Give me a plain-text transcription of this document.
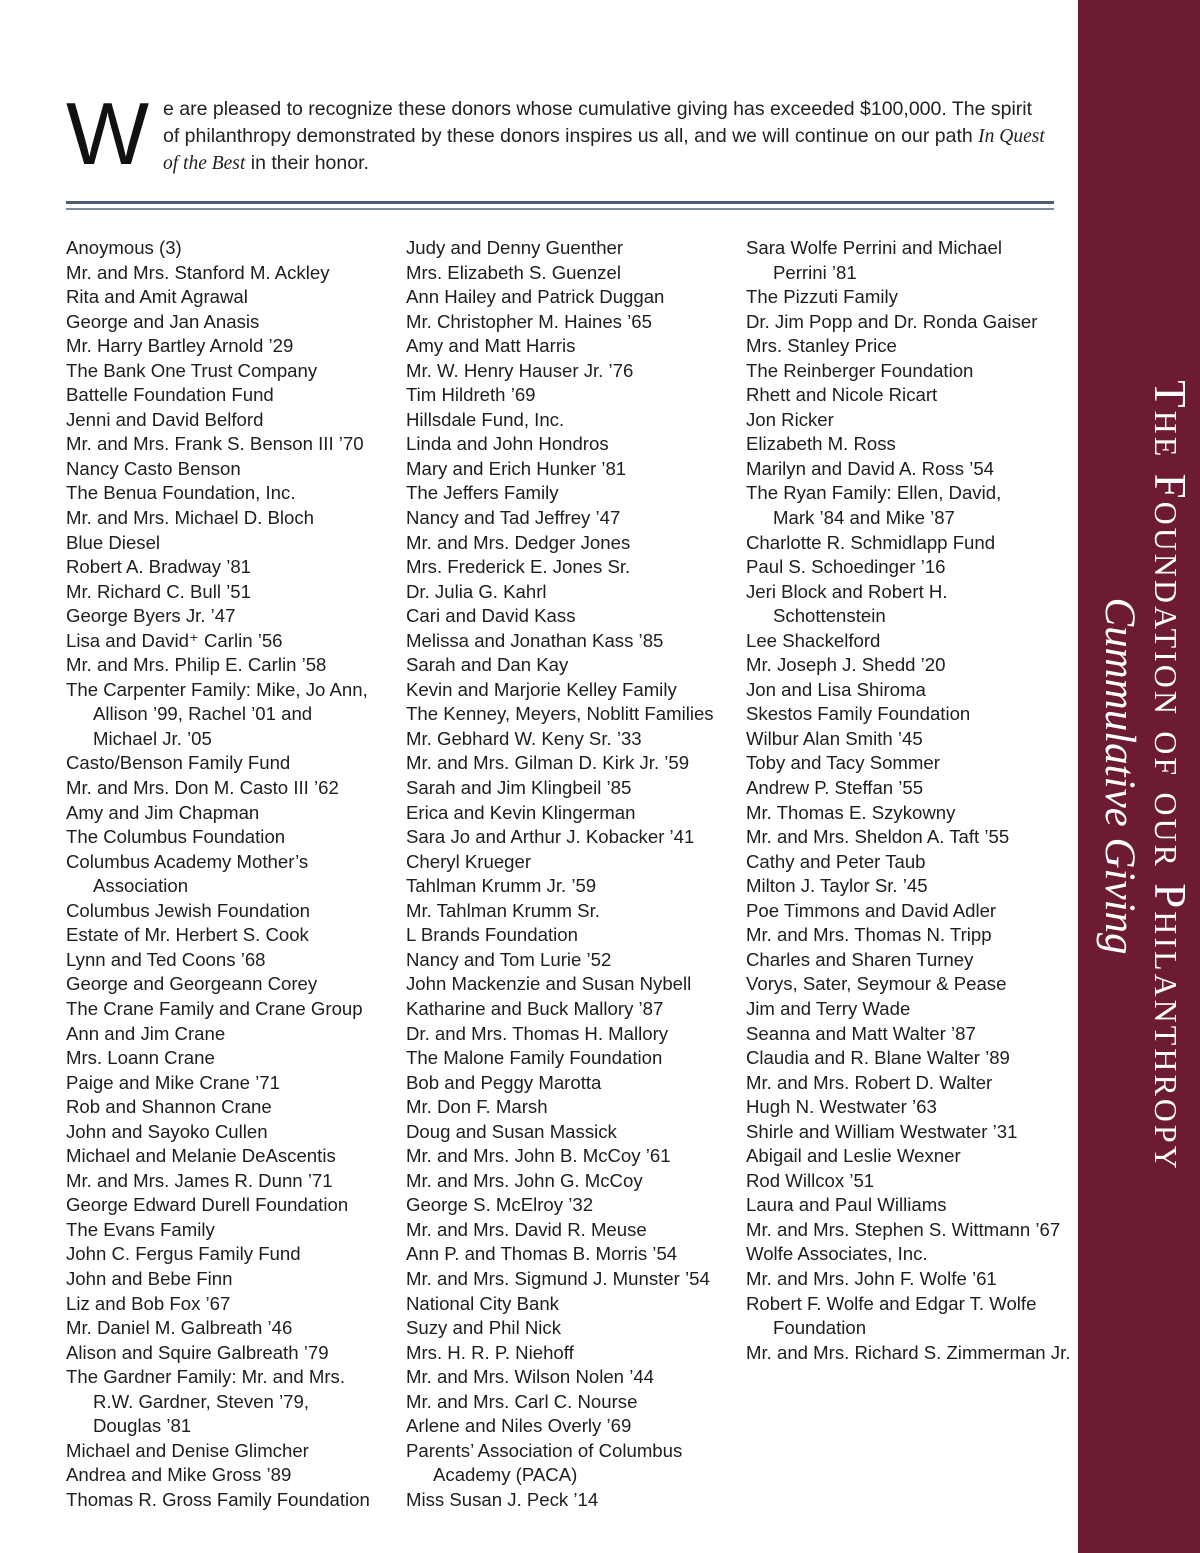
W e are pleased to recognize these donors whose cumulative giving has exceeded $100,000. The spirit of philanthropy demonstrated by these donors inspires us all, and we will continue on our path In Quest of the Best in their honor.
Anoymous (3)
Mr. and Mrs. Stanford M. Ackley
Rita and Amit Agrawal
George and Jan Anasis
Mr. Harry Bartley Arnold ’29
The Bank One Trust Company
Battelle Foundation Fund
Jenni and David Belford
Mr. and Mrs. Frank S. Benson III ’70
Nancy Casto Benson
The Benua Foundation, Inc.
Mr. and Mrs. Michael D. Bloch
Blue Diesel
Robert A. Bradway ’81
Mr. Richard C. Bull ’51
George Byers Jr. ’47
Lisa and David⁺ Carlin ’56
Mr. and Mrs. Philip E. Carlin ’58
The Carpenter Family: Mike, Jo Ann,
Allison ’99, Rachel ’01 and
Michael Jr. ’05
Casto/Benson Family Fund
Mr. and Mrs. Don M. Casto III ’62
Amy and Jim Chapman
The Columbus Foundation
Columbus Academy Mother’s
Association
Columbus Jewish Foundation
Estate of Mr. Herbert S. Cook
Lynn and Ted Coons ’68
George and Georgeann Corey
The Crane Family and Crane Group
Ann and Jim Crane
Mrs. Loann Crane
Paige and Mike Crane ’71
Rob and Shannon Crane
John and Sayoko Cullen
Michael and Melanie DeAscentis
Mr. and Mrs. James R. Dunn ’71
George Edward Durell Foundation
The Evans Family
John C. Fergus Family Fund
John and Bebe Finn
Liz and Bob Fox ’67
Mr. Daniel M. Galbreath ’46
Alison and Squire Galbreath ’79
The Gardner Family: Mr. and Mrs.
R.W. Gardner, Steven ’79,
Douglas ’81
Michael and Denise Glimcher
Andrea and Mike Gross ’89
Thomas R. Gross Family Foundation
Judy and Denny Guenther
Mrs. Elizabeth S. Guenzel
Ann Hailey and Patrick Duggan
Mr. Christopher M. Haines ’65
Amy and Matt Harris
Mr. W. Henry Hauser Jr. ’76
Tim Hildreth ’69
Hillsdale Fund, Inc.
Linda and John Hondros
Mary and Erich Hunker ’81
The Jeffers Family
Nancy and Tad Jeffrey ’47
Mr. and Mrs. Dedger Jones
Mrs. Frederick E. Jones Sr.
Dr. Julia G. Kahrl
Cari and David Kass
Melissa and Jonathan Kass ’85
Sarah and Dan Kay
Kevin and Marjorie Kelley Family
The Kenney, Meyers, Noblitt Families
Mr. Gebhard W. Keny Sr. ’33
Mr. and Mrs. Gilman D. Kirk Jr. ’59
Sarah and Jim Klingbeil ’85
Erica and Kevin Klingerman
Sara Jo and Arthur J. Kobacker ’41
Cheryl Krueger
Tahlman Krumm Jr. ’59
Mr. Tahlman Krumm Sr.
L Brands Foundation
Nancy and Tom Lurie ’52
John Mackenzie and Susan Nybell
Katharine and Buck Mallory ’87
Dr. and Mrs. Thomas H. Mallory
The Malone Family Foundation
Bob and Peggy Marotta
Mr. Don F. Marsh
Doug and Susan Massick
Mr. and Mrs. John B. McCoy ’61
Mr. and Mrs. John G. McCoy
George S. McElroy ’32
Mr. and Mrs. David R. Meuse
Ann P. and Thomas B. Morris ’54
Mr. and Mrs. Sigmund J. Munster ’54
National City Bank
Suzy and Phil Nick
Mrs. H. R. P. Niehoff
Mr. and Mrs. Wilson Nolen ’44
Mr. and Mrs. Carl C. Nourse
Arlene and Niles Overly ’69
Parents’ Association of Columbus
Academy (PACA)
Miss Susan J. Peck ’14
Sara Wolfe Perrini and Michael
Perrini ’81
The Pizzuti Family
Dr. Jim Popp and Dr. Ronda Gaiser
Mrs. Stanley Price
The Reinberger Foundation
Rhett and Nicole Ricart
Jon Ricker
Elizabeth M. Ross
Marilyn and David A. Ross ’54
The Ryan Family: Ellen, David,
Mark ’84 and Mike ’87
Charlotte R. Schmidlapp Fund
Paul S. Schoedinger ’16
Jeri Block and Robert H.
Schottenstein
Lee Shackelford
Mr. Joseph J. Shedd ’20
Jon and Lisa Shiroma
Skestos Family Foundation
Wilbur Alan Smith ’45
Toby and Tacy Sommer
Andrew P. Steffan ’55
Mr. Thomas E. Szykowny
Mr. and Mrs. Sheldon A. Taft ’55
Cathy and Peter Taub
Milton J. Taylor Sr. ’45
Poe Timmons and David Adler
Mr. and Mrs. Thomas N. Tripp
Charles and Sharen Turney
Vorys, Sater, Seymour & Pease
Jim and Terry Wade
Seanna and Matt Walter ’87
Claudia and R. Blane Walter ’89
Mr. and Mrs. Robert D. Walter
Hugh N. Westwater ’63
Shirle and William Westwater ’31
Abigail and Leslie Wexner
Rod Willcox ’51
Laura and Paul Williams
Mr. and Mrs. Stephen S. Wittmann ’67
Wolfe Associates, Inc.
Mr. and Mrs. John F. Wolfe ’61
Robert F. Wolfe and Edgar T. Wolfe
Foundation
Mr. and Mrs. Richard S. Zimmerman Jr.
The Foundation of our Philanthropy
Cummulative Giving
